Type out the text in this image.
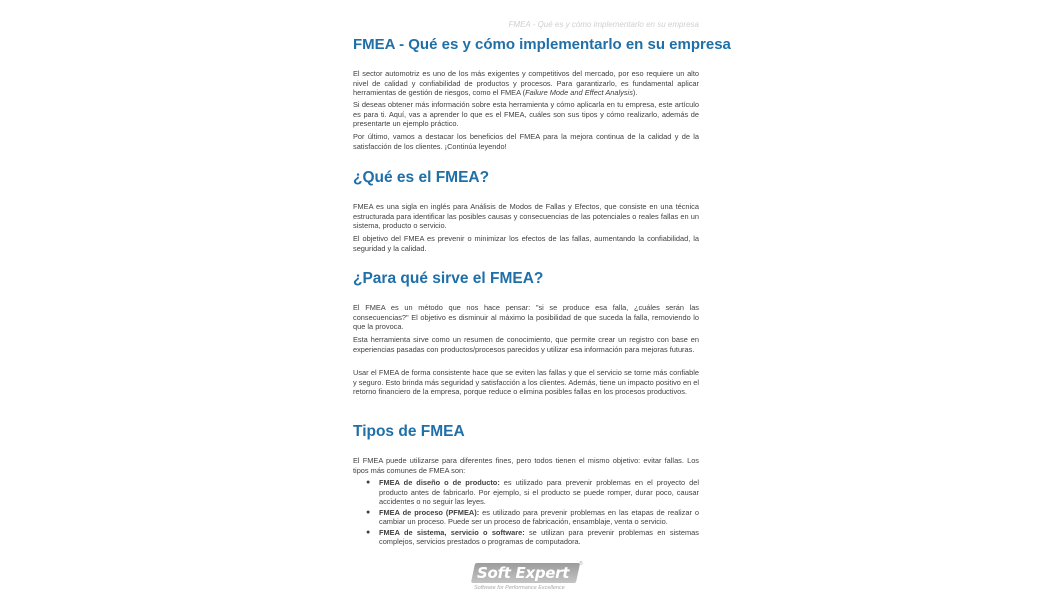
FMEA - Qué es y cómo implementarlo en su empresa
FMEA - Qué es y cómo implementarlo en su empresa

El sector automotriz es uno de los más exigentes y competitivos del mercado, por eso requiere un alto nivel de calidad y confiabilidad de productos y procesos. Para garantizarlo, es fundamental aplicar herramientas de gestión de riesgos, como el FMEA (Failure Mode and Effect Analysis).

Si deseas obtener más información sobre esta herramienta y cómo aplicarla en tu empresa, este artículo es para ti. Aquí, vas a aprender lo que es el FMEA, cuáles son sus tipos y cómo realizarlo, además de presentarte un ejemplo práctico.

Por último, vamos a destacar los beneficios del FMEA para la mejora continua de la calidad y de la satisfacción de los clientes. ¡Continúa leyendo!

¿Qué es el FMEA?

FMEA es una sigla en inglés para Análisis de Modos de Fallas y Efectos, que consiste en una técnica estructurada para identificar las posibles causas y consecuencias de las potenciales o reales fallas en un sistema, producto o servicio.

El objetivo del FMEA es prevenir o minimizar los efectos de las fallas, aumentando la confiabilidad, la seguridad y la calidad.

¿Para qué sirve el FMEA?

El FMEA es un método que nos hace pensar: "si se produce esa falla, ¿cuáles serán las consecuencias?" El objetivo es disminuir al máximo la posibilidad de que suceda la falla, removiendo lo que la provoca.

Esta herramienta sirve como un resumen de conocimiento, que permite crear un registro con base en experiencias pasadas con productos/procesos parecidos y utilizar esa información para mejoras futuras.

Usar el FMEA de forma consistente hace que se eviten las fallas y que el servicio se torne más confiable y seguro. Esto brinda más seguridad y satisfacción a los clientes. Además, tiene un impacto positivo en el retorno financiero de la empresa, porque reduce o elimina posibles fallas en los procesos productivos.

Tipos de FMEA

El FMEA puede utilizarse para diferentes fines, pero todos tienen el mismo objetivo: evitar fallas. Los tipos más comunes de FMEA son:

● FMEA de diseño o de producto: es utilizado para prevenir problemas en el proyecto del producto antes de fabricarlo. Por ejemplo, si el producto se puede romper, durar poco, causar accidentes o no seguir las leyes.
● FMEA de proceso (PFMEA): es utilizado para prevenir problemas en las etapas de realizar o cambiar un proceso. Puede ser un proceso de fabricación, ensamblaje, venta o servicio.
● FMEA de sistema, servicio o software: se utilizan para prevenir problemas en sistemas complejos, servicios prestados o programas de computadora.
Soft Expert ®
Software for Performance Excellence
